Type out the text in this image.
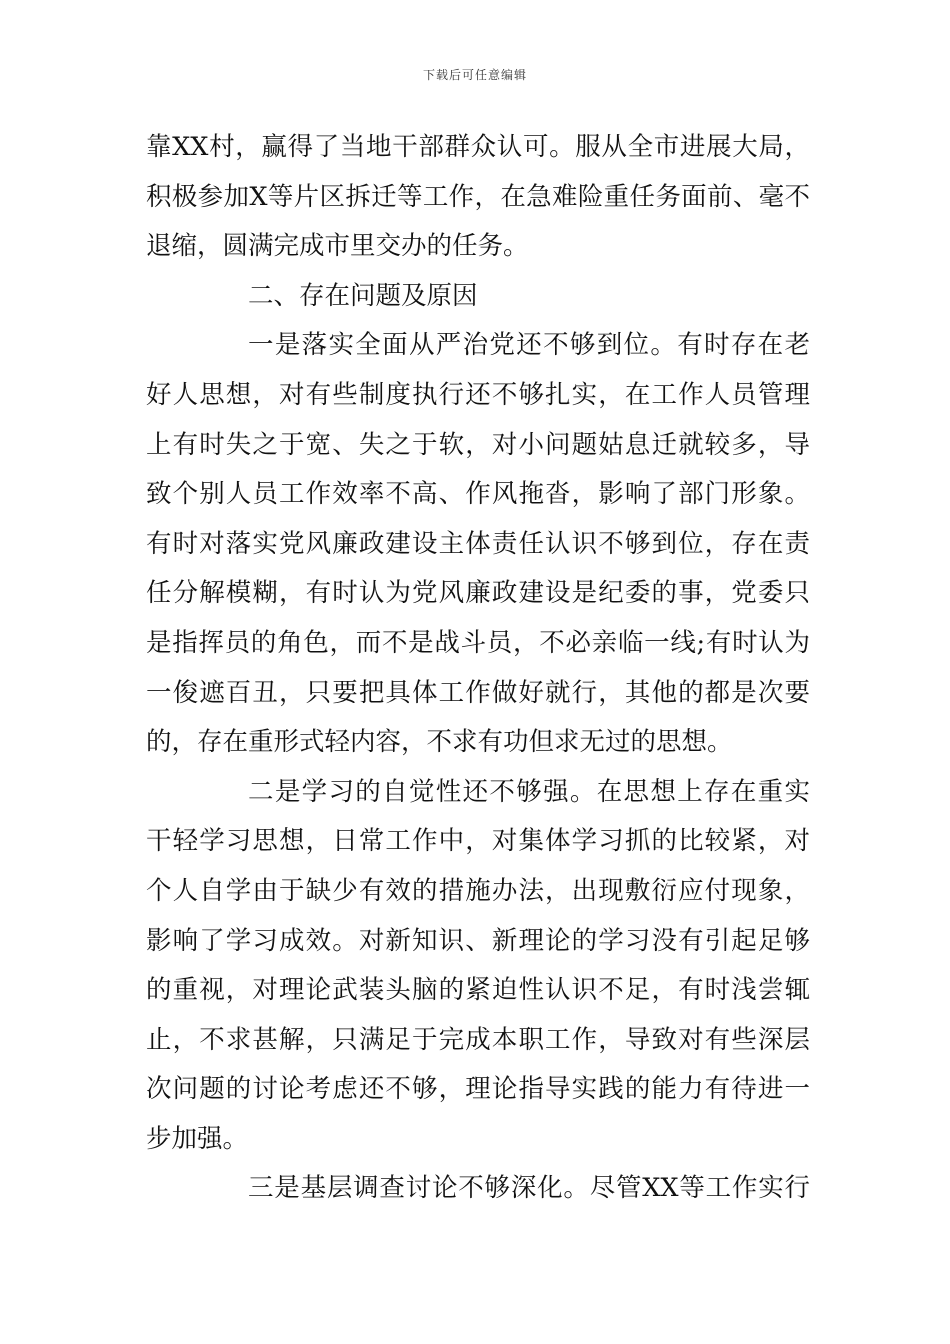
下载后可任意编辑
靠XX村，赢得了当地干部群众认可。服从全市进展大局，
积极参加X等片区拆迁等工作，在急难险重任务面前、毫不
退缩，圆满完成市里交办的任务。
二、存在问题及原因
一是落实全面从严治党还不够到位。有时存在老
好人思想，对有些制度执行还不够扎实，在工作人员管理
上有时失之于宽、失之于软，对小问题姑息迁就较多，导
致个别人员工作效率不高、作风拖沓，影响了部门形象。
有时对落实党风廉政建设主体责任认识不够到位，存在责
任分解模糊，有时认为党风廉政建设是纪委的事，党委只
是指挥员的角色，而不是战斗员，不必亲临一线;有时认为
一俊遮百丑，只要把具体工作做好就行，其他的都是次要
的，存在重形式轻内容，不求有功但求无过的思想。
二是学习的自觉性还不够强。在思想上存在重实
干轻学习思想，日常工作中，对集体学习抓的比较紧，对
个人自学由于缺少有效的措施办法，出现敷衍应付现象，
影响了学习成效。对新知识、新理论的学习没有引起足够
的重视，对理论武装头脑的紧迫性认识不足，有时浅尝辄
止，不求甚解，只满足于完成本职工作，导致对有些深层
次问题的讨论考虑还不够，理论指导实践的能力有待进一
步加强。
三是基层调查讨论不够深化。尽管XX等工作实行
